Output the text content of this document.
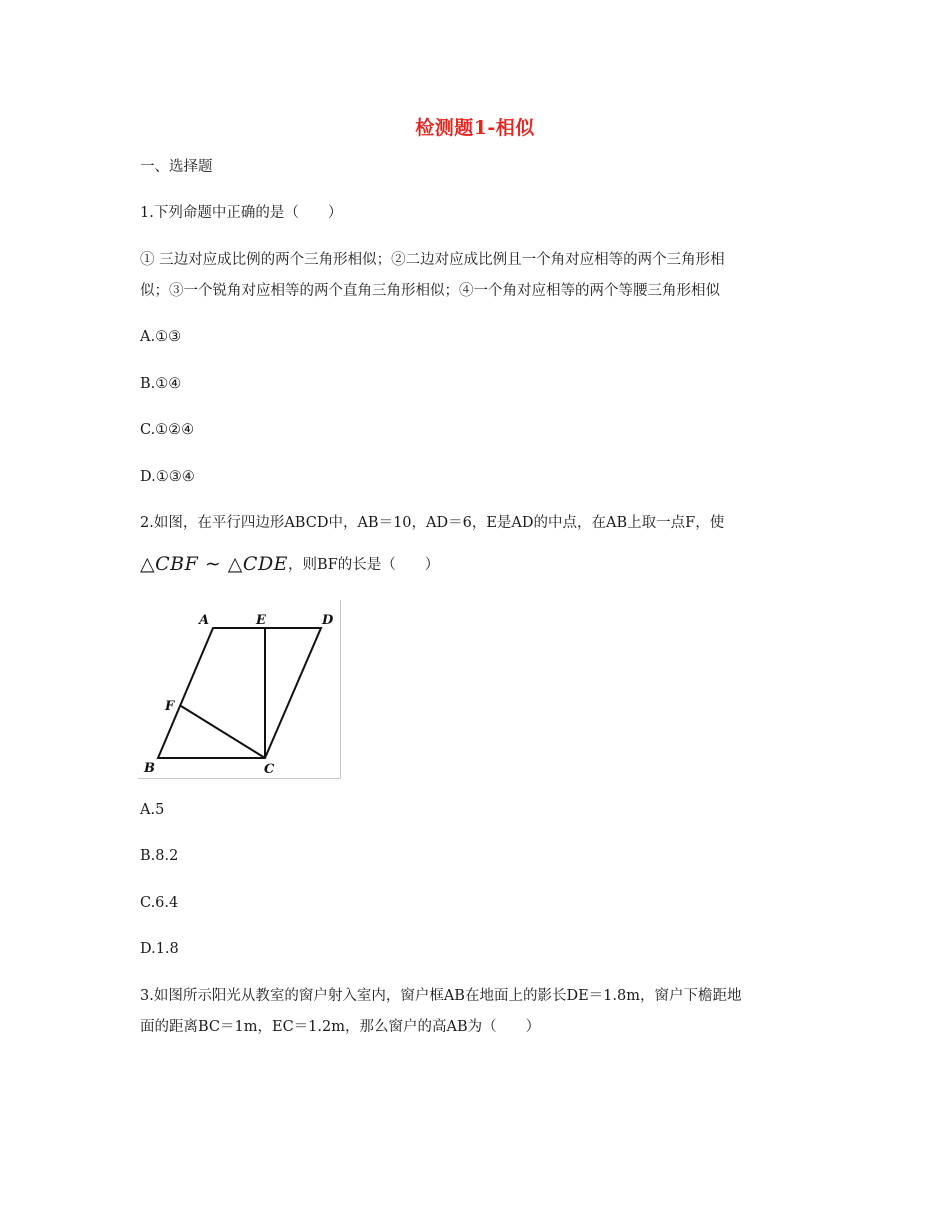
检测题1-相似
一、选择题
1.下列命题中正确的是（　　）
① 三边对应成比例的两个三角形相似；②二边对应成比例且一个角对应相等的两个三角形相
似；③一个锐角对应相等的两个直角三角形相似；④一个角对应相等的两个等腰三角形相似
A.①③
B.①④
C.①②④
D.①③④
2.如图，在平行四边形ABCD中，AB＝10，AD＝6，E是AD的中点，在AB上取一点F，使
△CBF ∼ △CDE，则BF的长是（　　）
A	E	D
F
B	C
A.5
B.8.2
C.6.4
D.1.8
3.如图所示阳光从教室的窗户射入室内，窗户框AB在地面上的影长DE＝1.8m，窗户下檐距地
面的距离BC＝1m，EC＝1.2m，那么窗户的高AB为（　　）
